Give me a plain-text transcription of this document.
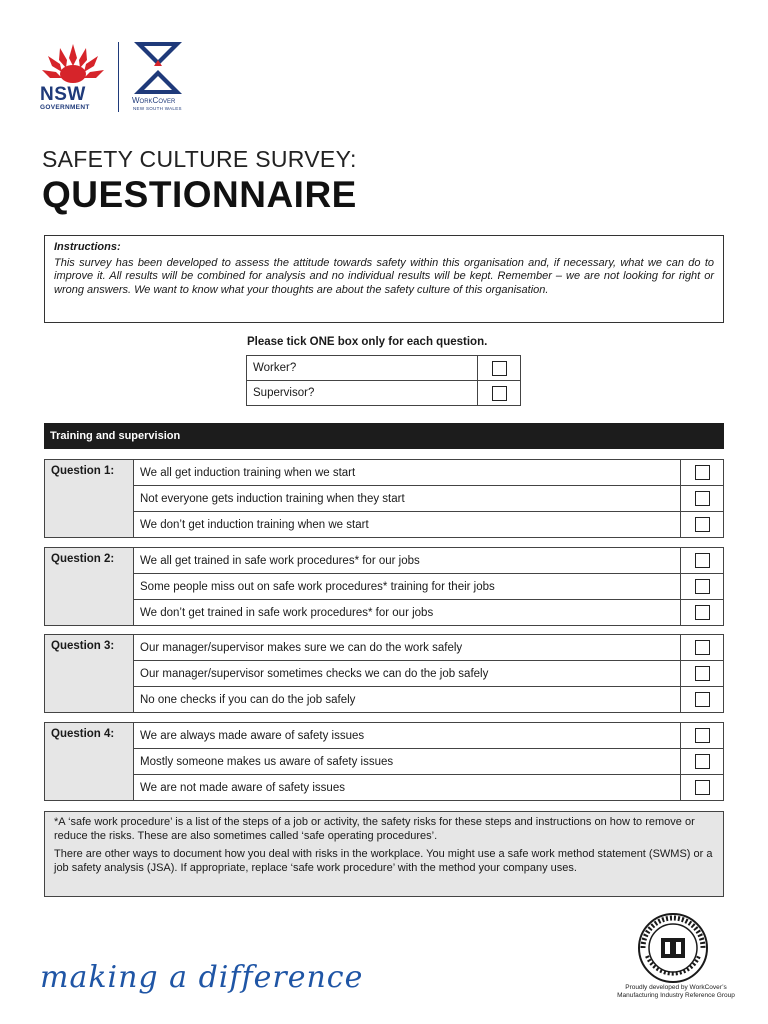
NSW
GOVERNMENT
WorkCover
NEW SOUTH WALES
SAFETY CULTURE SURVEY:
QUESTIONNAIRE
Instructions:
This survey has been developed to assess the attitude towards safety within this organisation and, if necessary, what we can do to improve it. All results will be combined for analysis and no individual results will be kept. Remember – we are not looking for right or wrong answers. We want to know what your thoughts are about the safety culture of this organisation.
Please tick ONE box only for each question.
Worker?	
Supervisor?	
Training and supervision
Question 1:	We all get induction training when we start	
	Not everyone gets induction training when they start	
	We don’t get induction training when we start	
Question 2:	We all get trained in safe work procedures* for our jobs	
	Some people miss out on safe work procedures* training for their jobs	
	We don’t get trained in safe work procedures* for our jobs	
Question 3:	Our manager/supervisor makes sure we can do the work safely	
	Our manager/supervisor sometimes checks we can do the job safely	
	No one checks if you can do the job safely	
Question 4:	We are always made aware of safety issues	
	Mostly someone makes us aware of safety issues	
	We are not made aware of safety issues	

*A ‘safe work procedure’ is a list of the steps of a job or activity, the safety risks for these steps and instructions on how to remove or reduce the risks. These are also sometimes called ‘safe operating procedures’.

There are other ways to document how you deal with risks in the workplace. You might use a safe work method statement (SWMS) or a job safety analysis (JSA). If appropriate, replace ‘safe work procedure’ with the method your company uses.

making a difference	Proudly developed by WorkCover’s
Manufacturing Industry Reference Group
